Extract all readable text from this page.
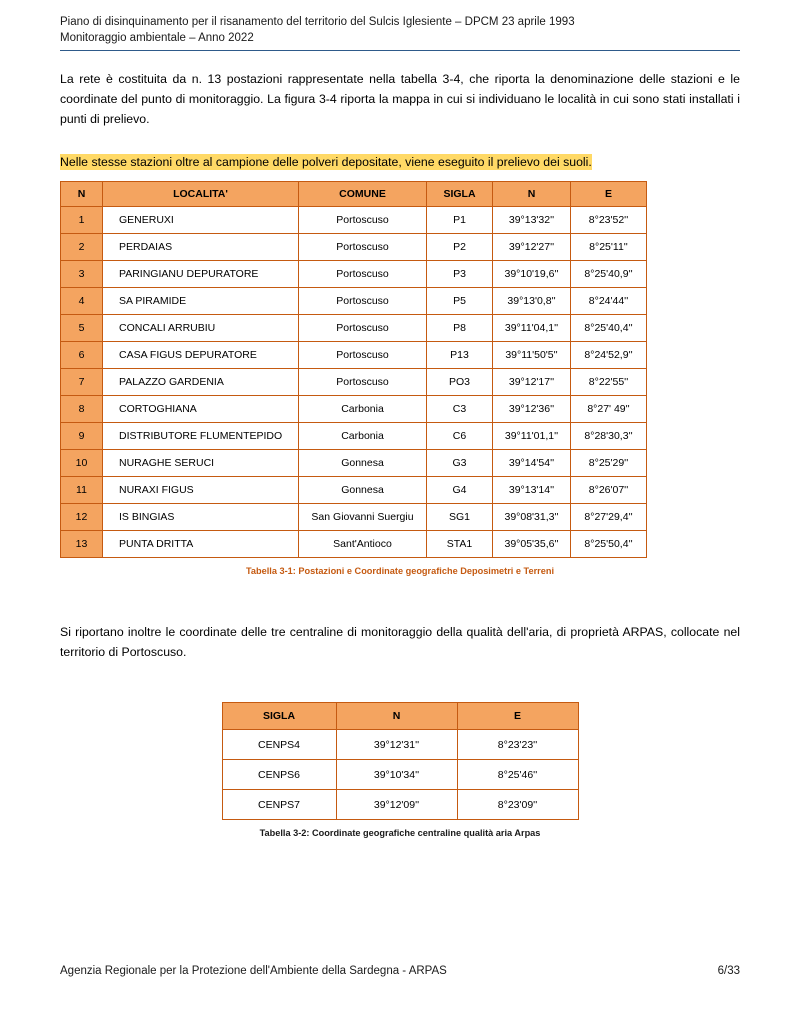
Piano di disinquinamento per il risanamento del territorio del Sulcis Iglesiente – DPCM 23 aprile 1993
Monitoraggio ambientale – Anno 2022

La rete è costituita da n. 13 postazioni rappresentate nella tabella 3-4, che riporta la denominazione delle stazioni e le coordinate del punto di monitoraggio. La figura 3-4 riporta la mappa in cui si individuano le località in cui sono stati installati i punti di prelievo.

Nelle stesse stazioni oltre al campione delle polveri depositate, viene eseguito il prelievo dei suoli.
N	LOCALITA'	COMUNE	SIGLA	N	E
1	GENERUXI	Portoscuso	P1	39°13'32''	8°23'52''
2	PERDAIAS	Portoscuso	P2	39°12'27''	8°25'11''
3	PARINGIANU DEPURATORE	Portoscuso	P3	39°10'19,6''	8°25'40,9''
4	SA PIRAMIDE	Portoscuso	P5	39°13'0,8''	8°24'44''
5	CONCALI ARRUBIU	Portoscuso	P8	39°11'04,1''	8°25'40,4''
6	CASA FIGUS DEPURATORE	Portoscuso	P13	39°11'50'5''	8°24'52,9''
7	PALAZZO GARDENIA	Portoscuso	PO3	39°12'17''	8°22'55''
8	CORTOGHIANA	Carbonia	C3	39°12'36''	8°27' 49''
9	DISTRIBUTORE FLUMENTEPIDO	Carbonia	C6	39°11'01,1''	8°28'30,3''
10	NURAGHE SERUCI	Gonnesa	G3	39°14'54''	8°25'29''
11	NURAXI FIGUS	Gonnesa	G4	39°13'14''	8°26'07''
12	IS BINGIAS	San Giovanni Suergiu	SG1	39°08'31,3''	8°27'29,4''
13	PUNTA DRITTA	Sant'Antioco	STA1	39°05'35,6''	8°25'50,4''
Tabella 3-1: Postazioni e Coordinate geografiche Deposimetri e Terreni

Si riportano inoltre le coordinate delle tre centraline di monitoraggio della qualità dell'aria, di proprietà ARPAS, collocate nel territorio di Portoscuso.

SIGLA	N	E
CENPS4	39°12'31''	8°23'23''
CENPS6	39°10'34''	8°25'46''
CENPS7	39°12'09''	8°23'09''
Tabella 3-2: Coordinate geografiche centraline qualità aria Arpas
Agenzia Regionale per la Protezione dell'Ambiente della Sardegna - ARPAS	6/33
